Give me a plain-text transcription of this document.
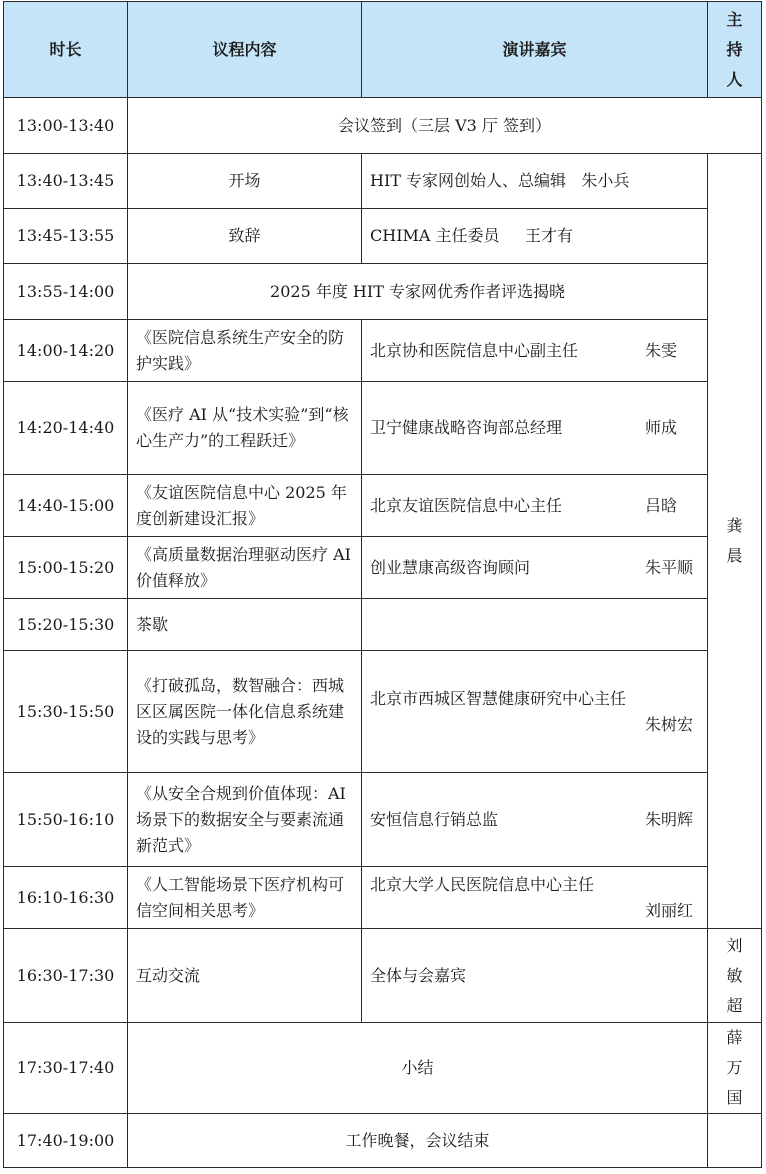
时长	议程内容	演讲嘉宾	主
持
人

13:00-13:40	会议签到（三层 V3 厅 签到）		
13:40-13:45	开场	HIT 专家网创始人、总编辑 朱小兵	龚
晨

13:45-13:55	致辞	CHIMA 主任委员 王才有	
13:55-14:00	2025 年度 HIT 专家网优秀作者评选揭晓		
14:00-14:20	《医院信息系统生产安全的防护实践》	北京协和医院信息中心副主任 朱雯	

14:20-14:40	《医疗 AI 从“技术实验”到“核心生产力”的工程跃迁》	卫宁健康战略咨询部总经理 师成	

14:40-15:00	《友谊医院信息中心 2025 年度创新建设汇报》	北京友谊医院信息中心主任 吕晗	

15:00-15:20	《高质量数据治理驱动医疗 AI 价值释放》	创业慧康高级咨询顾问 朱平顺	

15:20-15:30	茶歇		
15:30-15:50	《打破孤岛，数智融合：西城区区属医院一体化信息系统建设的实践与思考》	北京市西城区智慧健康研究中心主任
朱树宏	

15:50-16:10	《从安全合规到价值体现：AI 场景下的数据安全与要素流通新范式》	安恒信息行销总监 朱明辉	

16:10-16:30	《人工智能场景下医疗机构可信空间相关思考》	北京大学人民医院信息中心主任
刘丽红	

16:30-17:30	互动交流	全体与会嘉宾	刘
敏
超

17:30-17:40	小结		薛
万
国

17:40-19:00	工作晚餐，会议结束		
